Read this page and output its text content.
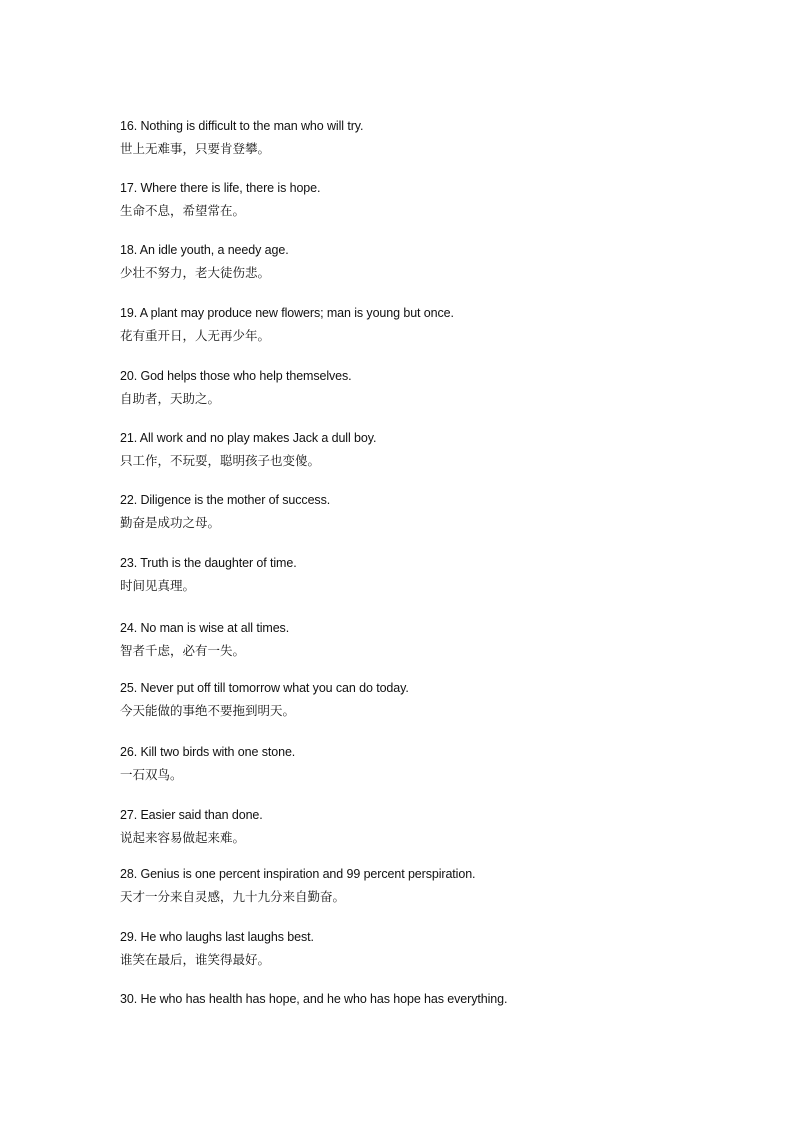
16. Nothing is difficult to the man who will try.
世上无难事，只要肯登攀。
17. Where there is life, there is hope.
生命不息，希望常在。
18. An idle youth, a needy age.
少壮不努力，老大徒伤悲。
19. A plant may produce new flowers; man is young but once.
花有重开日，人无再少年。
20. God helps those who help themselves.
自助者，天助之。
21. All work and no play makes Jack a dull boy.
只工作，不玩耍，聪明孩子也变傻。
22. Diligence is the mother of success.
勤奋是成功之母。
23. Truth is the daughter of time.
时间见真理。
24. No man is wise at all times.
智者千虑，必有一失。
25. Never put off till tomorrow what you can do today.
今天能做的事绝不要拖到明天。
26. Kill two birds with one stone.
一石双鸟。
27. Easier said than done.
说起来容易做起来难。
28. Genius is one percent inspiration and 99 percent perspiration.
天才一分来自灵感，九十九分来自勤奋。
29. He who laughs last laughs best.
谁笑在最后，谁笑得最好。
30. He who has health has hope, and he who has hope has everything.
